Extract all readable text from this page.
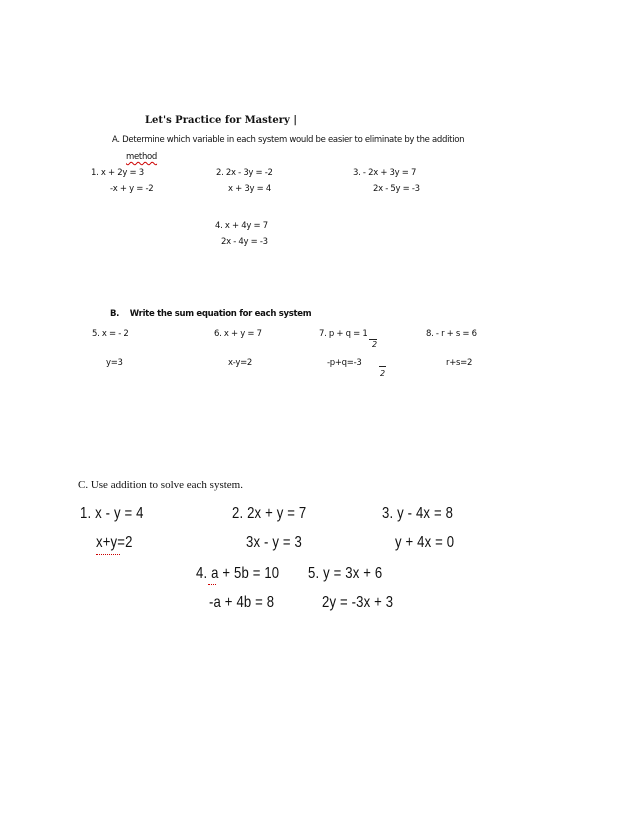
Let's Practice for Mastery |
A. Determine which variable in each system would be easier to eliminate by the addition
method
1. x + 2y = 3
-x + y = -2
2. 2x - 3y = -2
x + 3y = 4
3. - 2x + 3y = 7
2x - 5y = -3
4. x + 4y = 7
2x - 4y = -3
B.    Write the sum equation for each system
5. x = - 2
y=3
6. x + y = 7
x-y=2
7. p + q = 1
2
-p+q=-3
2
8. - r + s = 6
r+s=2
C. Use addition to solve each system.
1. x - y = 4
x+y=2
2. 2x + y = 7
3x - y = 3
3. y - 4x = 8
y + 4x = 0
4. a + 5b = 10
-a + 4b = 8
5. y = 3x + 6
2y = -3x + 3
